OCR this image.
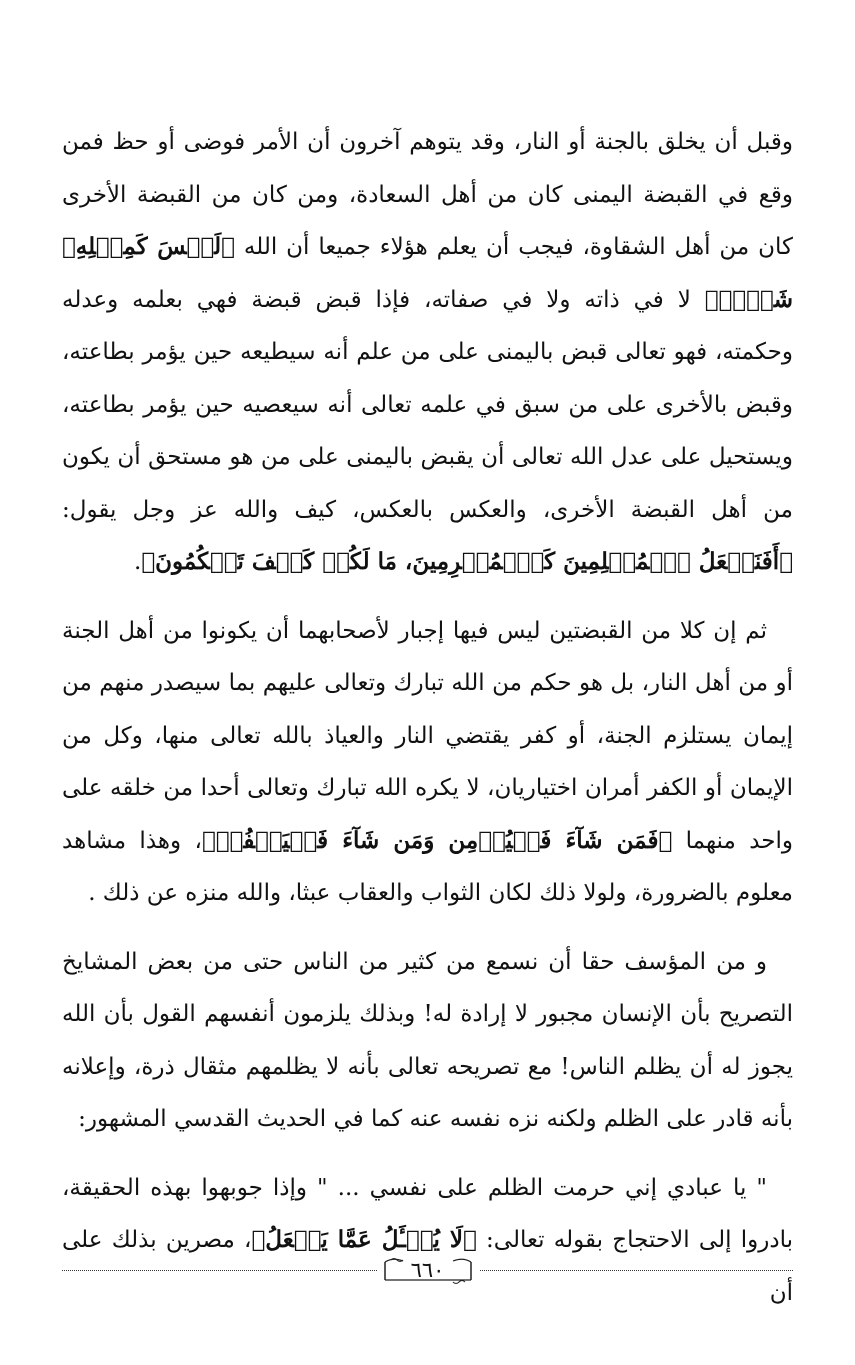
وقبل أن يخلق بالجنة أو النار، وقد يتوهم آخرون أن الأمر فوضى أو حظ فمن وقع في القبضة اليمنى كان من أهل السعادة، ومن كان من القبضة الأخرى كان من أهل الشقاوة، فيجب أن يعلم هؤلاء جميعا أن الله ﴿لَيۡسَ كَمِثۡلِهِۦ شَيۡءٞ﴾ لا في ذاته ولا في صفاته، فإذا قبض قبضة فهي بعلمه وعدله وحكمته، فهو تعالى قبض باليمنى على من علم أنه سيطيعه حين يؤمر بطاعته، وقبض بالأخرى على من سبق في علمه تعالى أنه سيعصيه حين يؤمر بطاعته، ويستحيل على عدل الله تعالى أن يقبض باليمنى على من هو مستحق أن يكون من أهل القبضة الأخرى، والعكس بالعكس، كيف والله عز وجل يقول: ﴿أَفَنَجۡعَلُ ٱلۡمُسۡلِمِينَ كَٱلۡمُجۡرِمِينَ، مَا لَكُمۡ كَيۡفَ تَحۡكُمُونَ﴾.

ثم إن كلا من القبضتين ليس فيها إجبار لأصحابهما أن يكونوا من أهل الجنة أو من أهل النار، بل هو حكم من الله تبارك وتعالى عليهم بما سيصدر منهم من إيمان يستلزم الجنة، أو كفر يقتضي النار والعياذ بالله تعالى منها، وكل من الإيمان أو الكفر أمران اختياريان، لا يكره الله تبارك وتعالى أحدا من خلقه على واحد منهما ﴿فَمَن شَآءَ فَلۡيُؤۡمِن وَمَن شَآءَ فَلۡيَكۡفُرۡ﴾، وهذا مشاهد معلوم بالضرورة، ولولا ذلك لكان الثواب والعقاب عبثا، والله منزه عن ذلك .

و من المؤسف حقا أن نسمع من كثير من الناس حتى من بعض المشايخ التصريح بأن الإنسان مجبور لا إرادة له! وبذلك يلزمون أنفسهم القول بأن الله يجوز له أن يظلم الناس! مع تصريحه تعالى بأنه لا يظلمهم مثقال ذرة، وإعلانه بأنه قادر على الظلم ولكنه نزه نفسه عنه كما في الحديث القدسي المشهور:

" يا عبادي إني حرمت الظلم على نفسي ... " وإذا جوبهوا بهذه الحقيقة، بادروا إلى الاحتجاج بقوله تعالى: ﴿لَا يُسۡـَٔلُ عَمَّا يَفۡعَلُ﴾، مصرين بذلك على أن

٦٦٠
